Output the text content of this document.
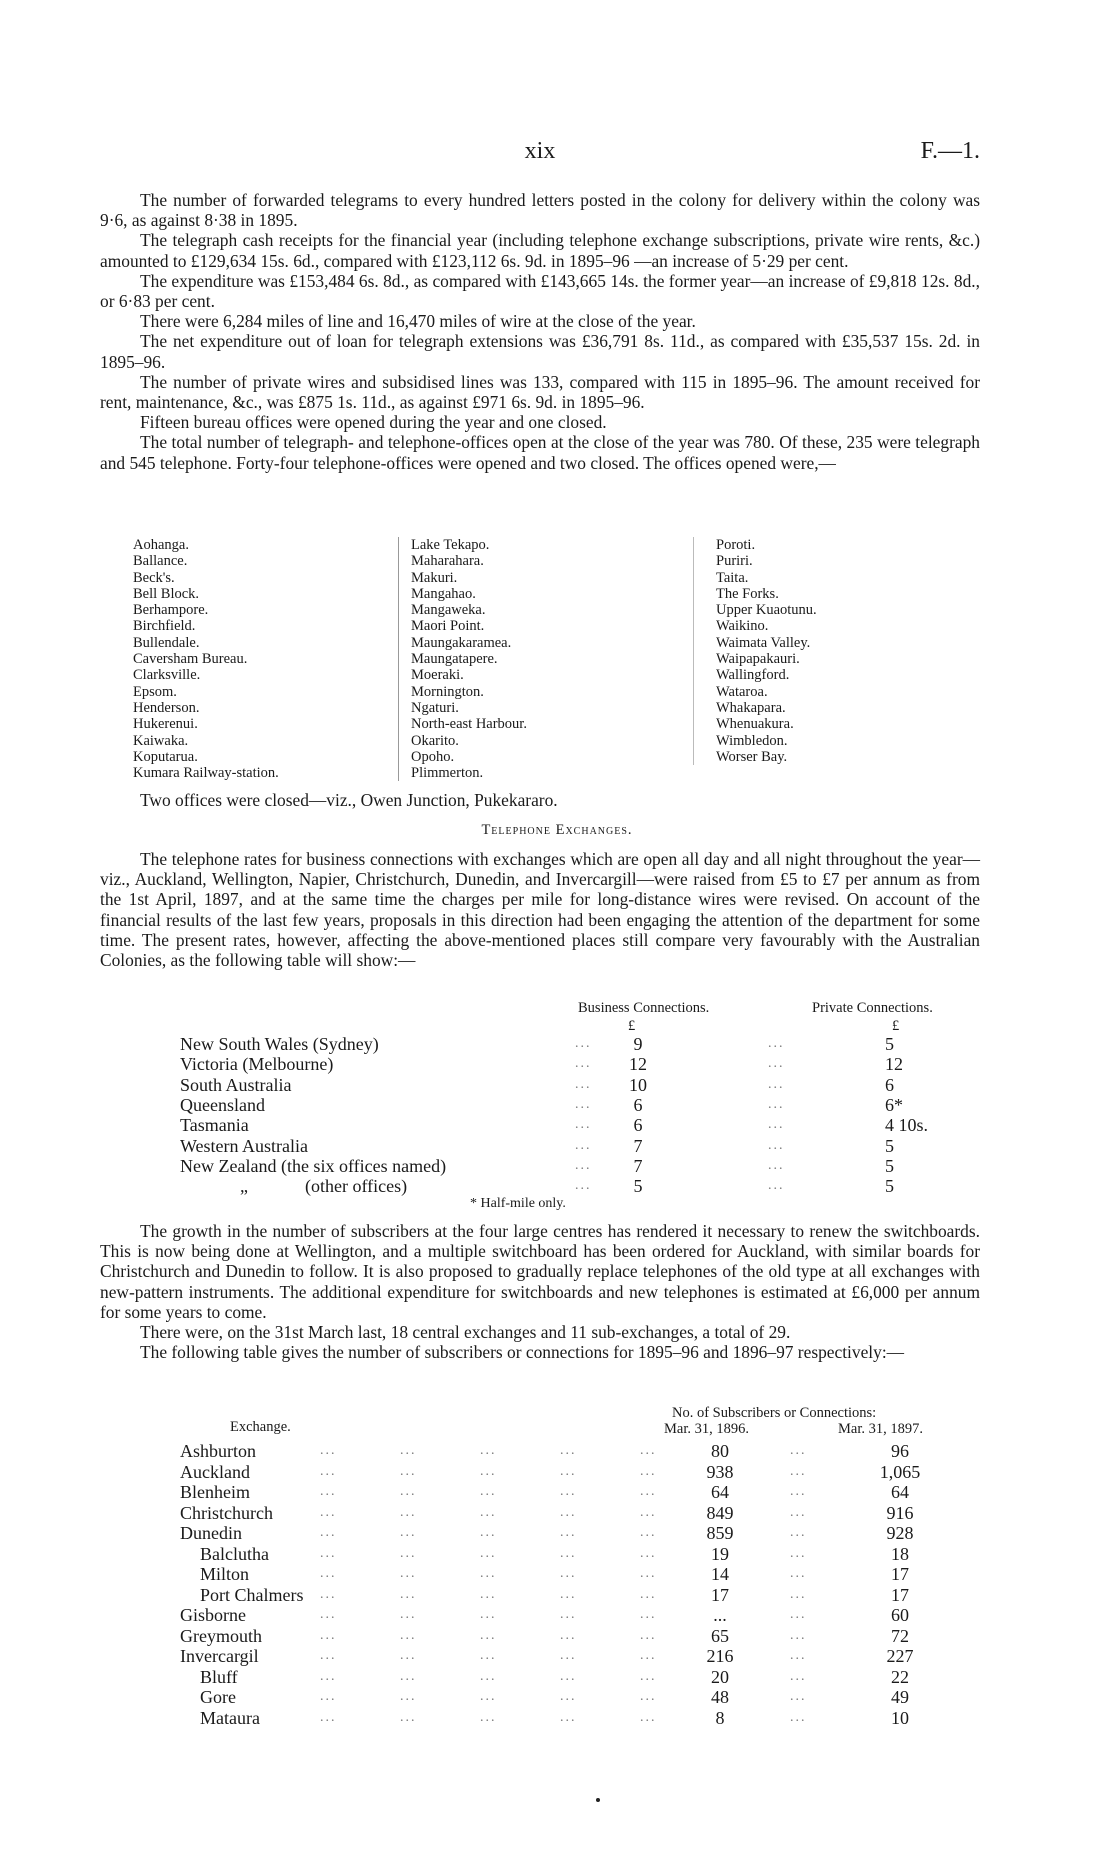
xix	F.—1.

The number of forwarded telegrams to every hundred letters posted in the colony for delivery within the colony was 9·6, as against 8·38 in 1895.

The telegraph cash receipts for the financial year (including telephone exchange subscriptions, private wire rents, &c.) amounted to £129,634 15s. 6d., compared with £123,112 6s. 9d. in 1895–96 —an increase of 5·29 per cent.

The expenditure was £153,484 6s. 8d., as compared with £143,665 14s. the former year—an increase of £9,818 12s. 8d., or 6·83 per cent.

There were 6,284 miles of line and 16,470 miles of wire at the close of the year.

The net expenditure out of loan for telegraph extensions was £36,791 8s. 11d., as compared with £35,537 15s. 2d. in 1895–96.

The number of private wires and subsidised lines was 133, compared with 115 in 1895–96. The amount received for rent, maintenance, &c., was £875 1s. 11d., as against £971 6s. 9d. in 1895–96.

Fifteen bureau offices were opened during the year and one closed.

The total number of telegraph- and telephone-offices open at the close of the year was 780. Of these, 235 were telegraph and 545 telephone. Forty-four telephone-offices were opened and two closed. The offices opened were,—

Aohanga.
Ballance.
Beck's.
Bell Block.
Berhampore.
Birchfield.
Bullendale.
Caversham Bureau.
Clarksville.
Epsom.
Henderson.
Hukerenui.
Kaiwaka.
Koputaruа.
Kumara Railway-station.
Lake Tekapo.
Maharahara.
Makuri.
Mangahao.
Mangaweka.
Maori Point.
Maungakaramea.
Maungatapere.
Moeraki.
Mornington.
Ngaturi.
North-east Harbour.
Okarito.
Opoho.
Plimmerton.
Poroti.
Puriri.
Taita.
The Forks.
Upper Kuaotunu.
Waikino.
Waimata Valley.
Waipapakauri.
Wallingford.
Wataroa.
Whakapara.
Whenuakura.
Wimbledon.
Worser Bay.
Two offices were closed—viz., Owen Junction, Pukekararo.
Telephone Exchanges.

The telephone rates for business connections with exchanges which are open all day and all night throughout the year—viz., Auckland, Wellington, Napier, Christchurch, Dunedin, and Invercargill—were raised from £5 to £7 per annum as from the 1st April, 1897, and at the same time the charges per mile for long-distance wires were revised. On account of the financial results of the last few years, proposals in this direction had been engaging the attention of the department for some time. The present rates, however, affecting the above-mentioned places still compare very favourably with the Australian Colonies, as the following table will show:—

Business Connections.	Private Connections.
£	£
* Half-mile only.
New South Wales (Sydney)	...	9	...	5
Victoria (Melbourne)	...	12	...	12
South Australia	...	10	...	6
Queensland	...	6	...	6*
Tasmania	...	6	...	4 10s.
Western Australia	...	7	...	5
New Zealand (the six offices named)	...	7	...	5
„	(other offices)	...	5	...	5

The growth in the number of subscribers at the four large centres has rendered it necessary to renew the switchboards. This is now being done at Wellington, and a multiple switchboard has been ordered for Auckland, with similar boards for Christchurch and Dunedin to follow. It is also proposed to gradually replace telephones of the old type at all exchanges with new-pattern instruments. The additional expenditure for switchboards and new telephones is estimated at £6,000 per annum for some years to come.

There were, on the 31st March last, 18 central exchanges and 11 sub-exchanges, a total of 29.

The following table gives the number of subscribers or connections for 1895–96 and 1896–97 respectively:—

Exchange.
No. of Subscribers or Connections:
Mar. 31, 1896.	Mar. 31, 1897.
Ashburton	...	...	...	...	...	80	...	96
Auckland	...	...	...	...	...	938	...	1,065
Blenheim	...	...	...	...	...	64	...	64
Christchurch	...	...	...	...	...	849	...	916
Dunedin	...	...	...	...	...	859	...	928
Balclutha	...	...	...	...	...	19	...	18
Milton	...	...	...	...	...	14	...	17
Port Chalmers ...	...	...	...	...	17	...	17
Gisborne	...	...	...	...	...	...	...	60
Greymouth	...	...	...	...	...	65	...	72
Invercargil	...	...	...	...	...	216	...	227
Bluff	...	...	...	...	...	20	...	22
Gore	...	...	...	...	...	48	...	49
Mataura	...	...	...	...	...	8	...	10
